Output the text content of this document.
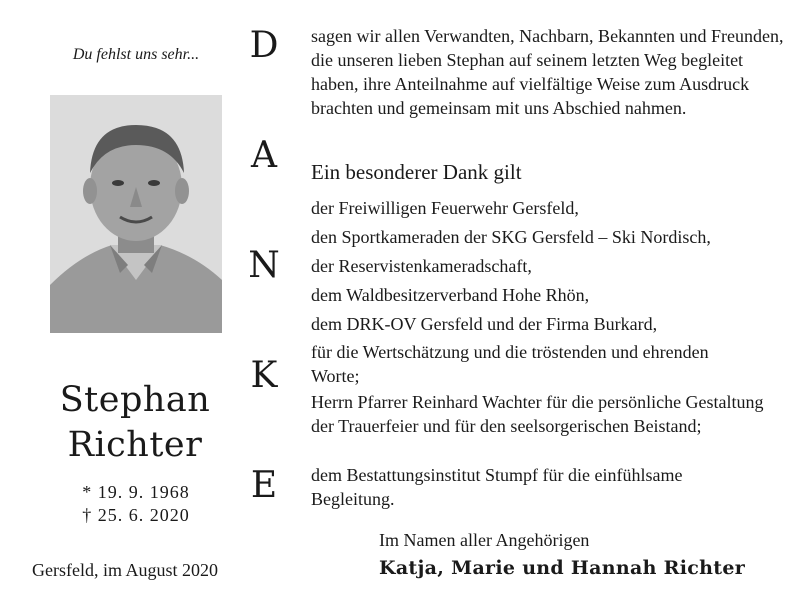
Du fehlst uns sehr...
Stephan
Richter
* 19. 9. 1968
† 25. 6. 2020
Gersfeld, im August 2020
D
A
N
K
E
sagen wir allen Verwandten, Nachbarn, Bekannten und Freunden, die unseren lieben Stephan auf seinem letzten Weg begleitet haben, ihre Anteilnahme auf vielfältige Weise zum Ausdruck brachten und gemeinsam mit uns Abschied nahmen.
Ein besonderer Dank gilt
der Freiwilligen Feuerwehr Gersfeld,
den Sportkameraden der SKG Gersfeld – Ski Nordisch,
der Reservistenkameradschaft,
dem Waldbesitzerverband Hohe Rhön,
dem DRK-OV Gersfeld und der Firma Burkard,
für die Wertschätzung und die tröstenden und ehrenden Worte;
Herrn Pfarrer Reinhard Wachter für die persönliche Gestaltung der Trauerfeier und für den seelsorgerischen Beistand;
dem Bestattungsinstitut Stumpf für die einfühlsame Begleitung.
Im Namen aller Angehörigen
Katja, Marie und Hannah Richter
